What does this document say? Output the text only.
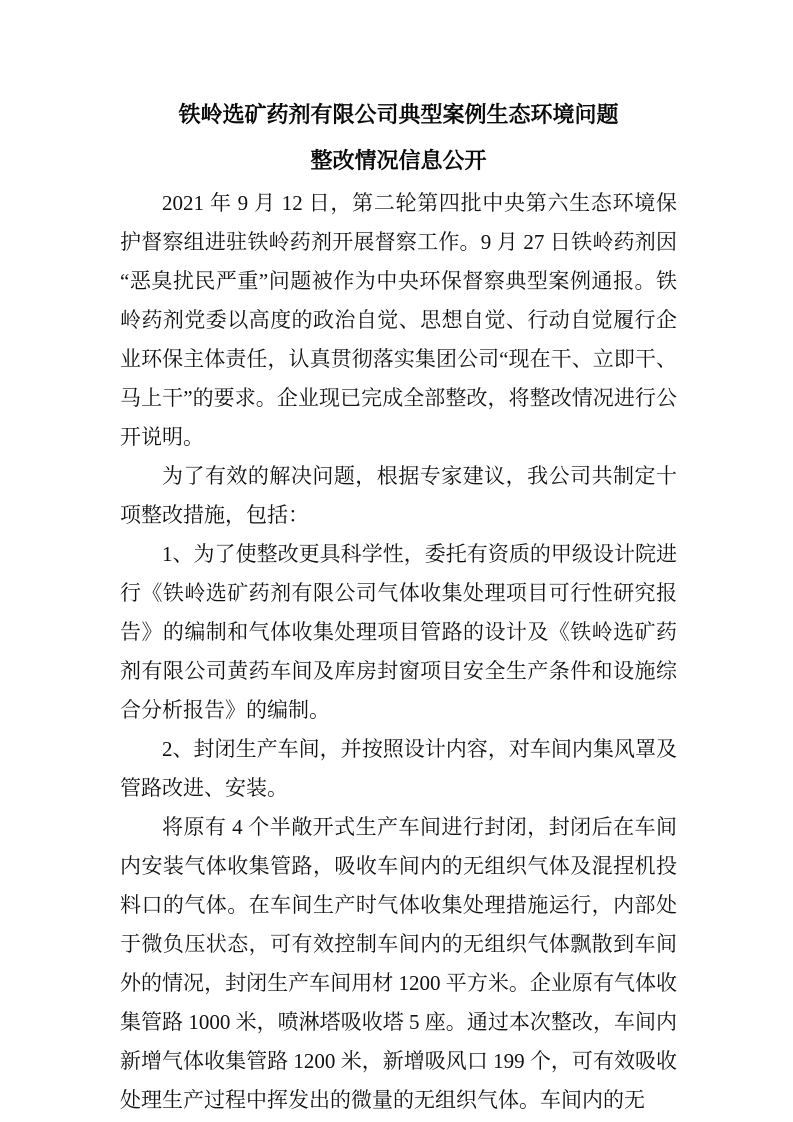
铁岭选矿药剂有限公司典型案例生态环境问题
整改情况信息公开

2021 年 9 月 12 日，第二轮第四批中央第六生态环境保护督察组进驻铁岭药剂开展督察工作。9 月 27 日铁岭药剂因“恶臭扰民严重”问题被作为中央环保督察典型案例通报。铁岭药剂党委以高度的政治自觉、思想自觉、行动自觉履行企业环保主体责任，认真贯彻落实集团公司“现在干、立即干、马上干”的要求。企业现已完成全部整改，将整改情况进行公开说明。

为了有效的解决问题，根据专家建议，我公司共制定十项整改措施，包括：

1、为了使整改更具科学性，委托有资质的甲级设计院进行《铁岭选矿药剂有限公司气体收集处理项目可行性研究报告》的编制和气体收集处理项目管路的设计及《铁岭选矿药剂有限公司黄药车间及库房封窗项目安全生产条件和设施综合分析报告》的编制。

2、封闭生产车间，并按照设计内容，对车间内集风罩及管路改进、安装。

将原有 4 个半敞开式生产车间进行封闭，封闭后在车间内安装气体收集管路，吸收车间内的无组织气体及混捏机投料口的气体。在车间生产时气体收集处理措施运行，内部处于微负压状态，可有效控制车间内的无组织气体飘散到车间外的情况，封闭生产车间用材 1200 平方米。企业原有气体收集管路 1000 米，喷淋塔吸收塔 5 座。通过本次整改，车间内新增气体收集管路 1200 米，新增吸风口 199 个，可有效吸收处理生产过程中挥发出的微量的无组织气体。车间内的无
